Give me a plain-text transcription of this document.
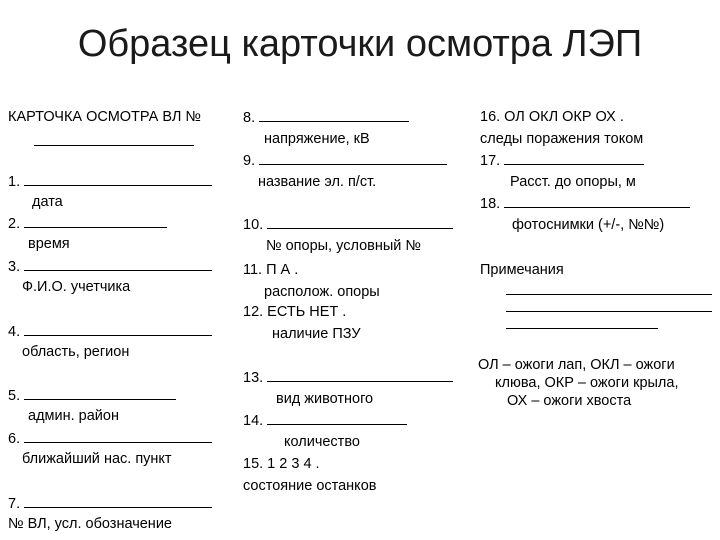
Образец карточки осмотра ЛЭП
КАРТОЧКА ОСМОТРА ВЛ №
1.
дата
2.
время
3.
Ф.И.О. учетчика
4.
область, регион
5.
админ. район
6.
ближайший нас. пункт
7.
№ ВЛ, усл. обозначение
8.
напряжение, кВ
9.
название эл. п/ст.
10.
№ опоры, условный №
11. П А .
располож. опоры
12. ЕСТЬ НЕТ .
наличие ПЗУ
13.
вид животного
14.
количество
15. 1 2 3 4 .
состояние останков
16. ОЛ ОКЛ ОКР ОХ .
следы поражения током
17.
Расст. до опоры, м
18.
фотоснимки (+/-, №№)
Примечания
ОЛ – ожоги лап, ОКЛ – ожоги
клюва, ОКР – ожоги крыла,
ОХ – ожоги хвоста
